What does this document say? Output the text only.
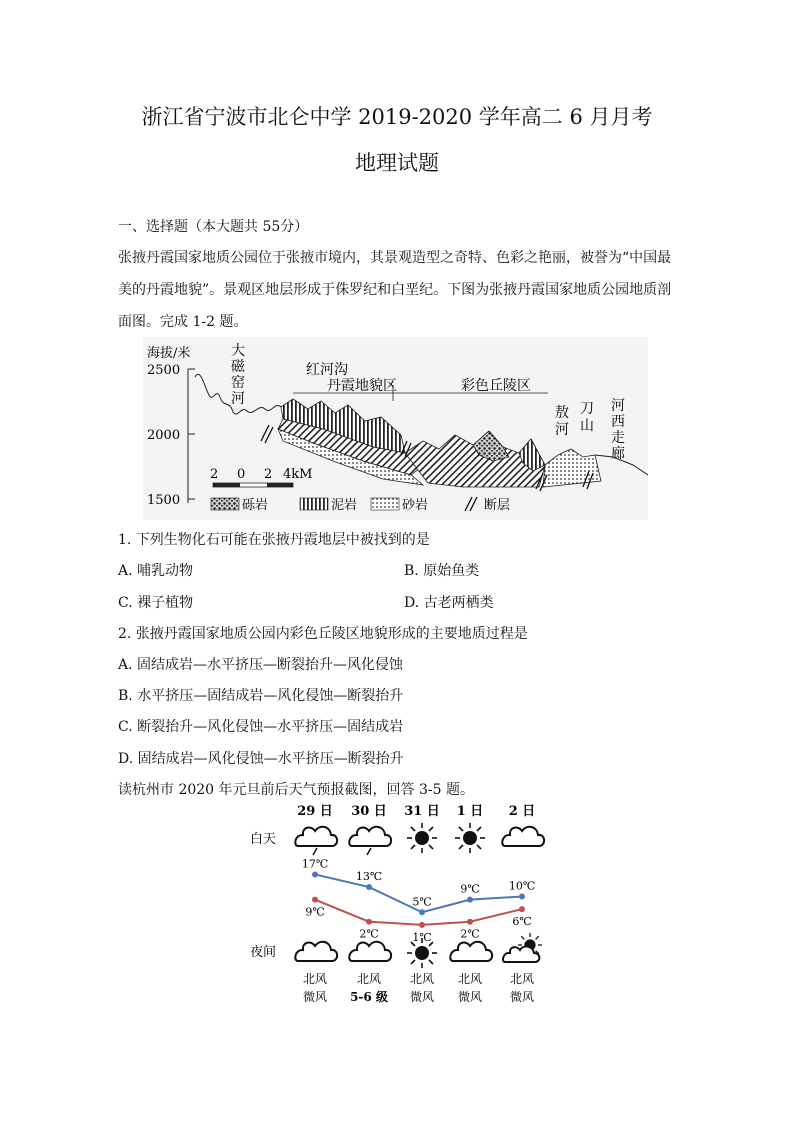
浙江省宁波市北仑中学 2019-2020 学年高二 6 月月考
地理试题
一、选择题（本大题共 55分）
张掖丹霞国家地质公园位于张掖市境内，其景观造型之奇特、色彩之艳丽，被誉为“中国最
美的丹霞地貌”。景观区地层形成于侏罗纪和白垩纪。下图为张掖丹霞国家地质公园地质剖
面图。完成 1-2 题。
海拔/米
2500
2000
1500
大
磁
窑
河
红河沟
丹霞地貌区	彩色丘陵区
敖
河
刀
山
河
西
走
廊
2 0 2 4kM
砾岩	泥岩	砂岩	断层
1. 下列生物化石可能在张掖丹霞地层中被找到的是
A. 哺乳动物	B. 原始鱼类
C. 裸子植物	D. 古老两栖类
2. 张掖丹霞国家地质公园内彩色丘陵区地貌形成的主要地质过程是
A. 固结成岩—水平挤压—断裂抬升—风化侵蚀
B. 水平挤压—固结成岩—风化侵蚀—断裂抬升
C. 断裂抬升—风化侵蚀—水平挤压—固结成岩
D. 固结成岩—风化侵蚀—水平挤压—断裂抬升
读杭州市 2020 年元旦前后天气预报截图，回答 3-5 题。
白天
夜间
29 日
北风
微风
30 日
北风
5-6 级
31 日
北风
微风
1 日
北风
微风
2 日
北风
微风
17℃
9℃
13℃
2℃
5℃
1℃
9℃
2℃
10℃
6℃
